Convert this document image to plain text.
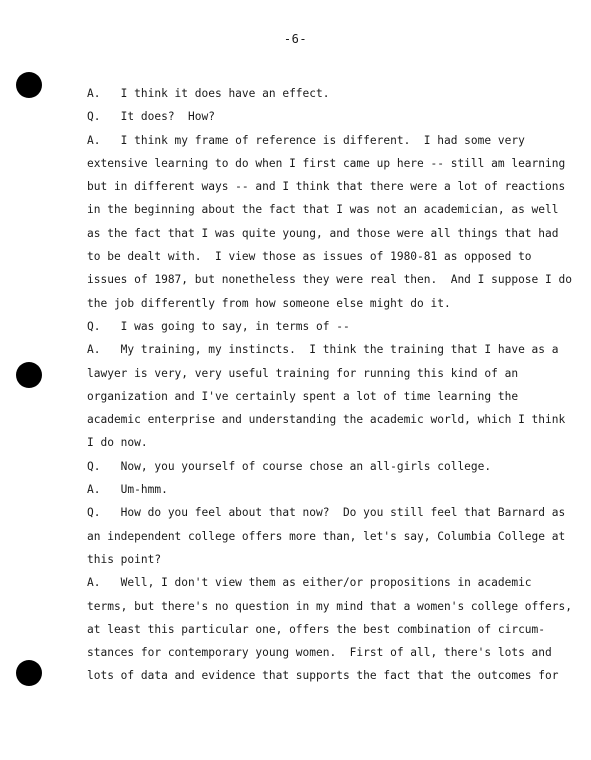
-6-
A.   I think it does have an effect.
Q.   It does?  How?
A.   I think my frame of reference is different.  I had some very
extensive learning to do when I first came up here -- still am learning
but in different ways -- and I think that there were a lot of reactions
in the beginning about the fact that I was not an academician, as well
as the fact that I was quite young, and those were all things that had
to be dealt with.  I view those as issues of 1980-81 as opposed to
issues of 1987, but nonetheless they were real then.  And I suppose I do
the job differently from how someone else might do it.
Q.   I was going to say, in terms of --
A.   My training, my instincts.  I think the training that I have as a
lawyer is very, very useful training for running this kind of an
organization and I've certainly spent a lot of time learning the
academic enterprise and understanding the academic world, which I think
I do now.
Q.   Now, you yourself of course chose an all-girls college.
A.   Um-hmm.
Q.   How do you feel about that now?  Do you still feel that Barnard as
an independent college offers more than, let's say, Columbia College at
this point?
A.   Well, I don't view them as either/or propositions in academic
terms, but there's no question in my mind that a women's college offers,
at least this particular one, offers the best combination of circum-
stances for contemporary young women.  First of all, there's lots and
lots of data and evidence that supports the fact that the outcomes for
